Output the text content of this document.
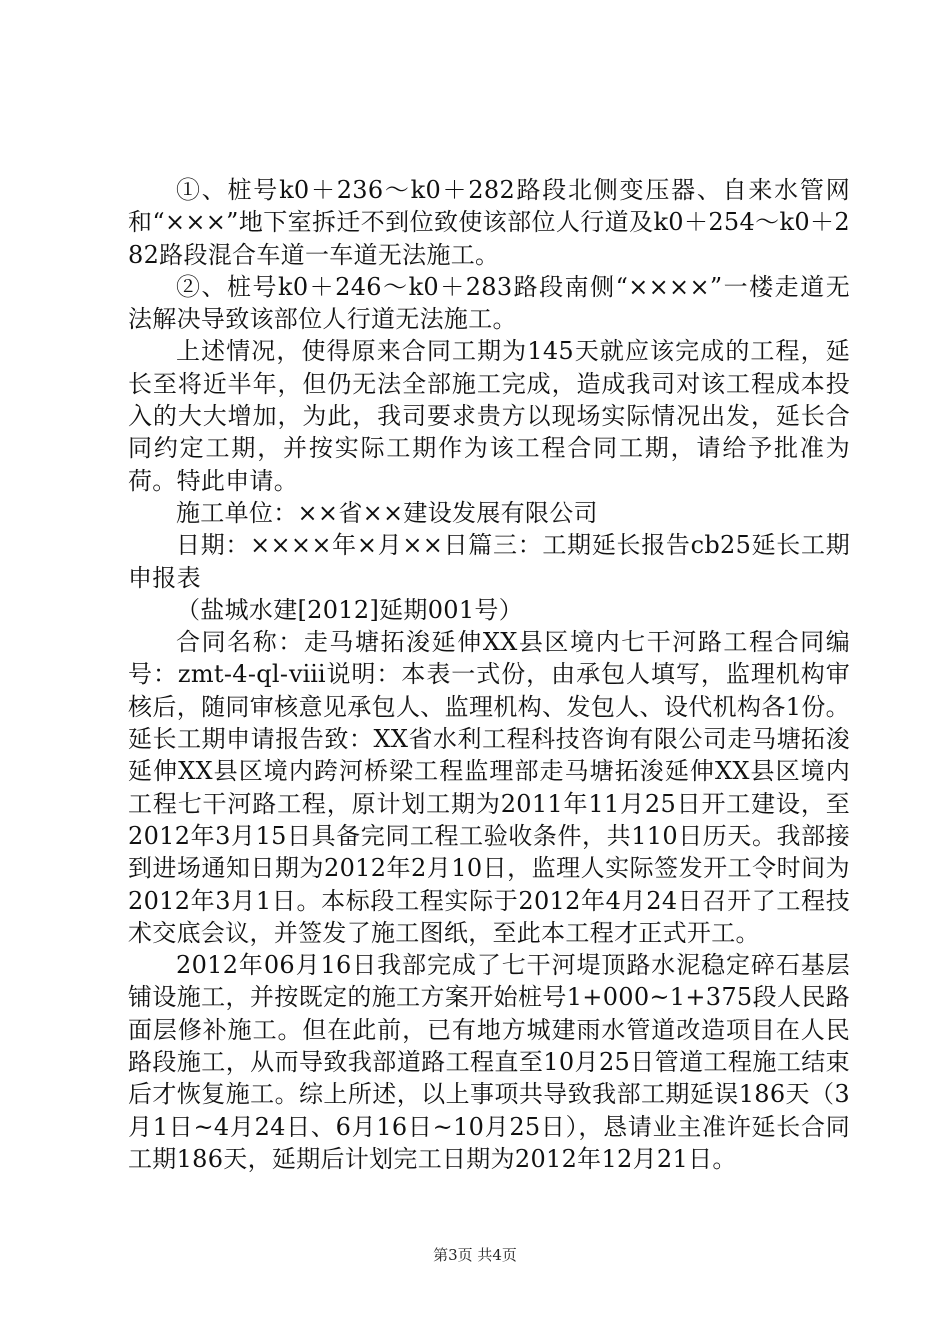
①、桩号k0＋236～k0＋282路段北侧变压器、自来水管网和“×××”地下室拆迁不到位致使该部位人行道及k0＋254～k0＋282路段混合车道一车道无法施工。

②、桩号k0＋246～k0＋283路段南侧“××××”一楼走道无法解决导致该部位人行道无法施工。

上述情况，使得原来合同工期为145天就应该完成的工程，延长至将近半年，但仍无法全部施工完成，造成我司对该工程成本投入的大大增加，为此，我司要求贵方以现场实际情况出发，延长合同约定工期，并按实际工期作为该工程合同工期，请给予批准为荷。特此申请。

施工单位：××省××建设发展有限公司

日期：××××年×月××日篇三：工期延长报告cb25延长工期申报表

（盐城水建[2012]延期001号）

合同名称：走马塘拓浚延伸XX县区境内七干河路工程合同编号：zmt-4-ql-ⅷ说明：本表一式份，由承包人填写，监理机构审核后，随同审核意见承包人、监理机构、发包人、设代机构各1份。延长工期申请报告致：XX省水利工程科技咨询有限公司走马塘拓浚延伸XX县区境内跨河桥梁工程监理部走马塘拓浚延伸XX县区境内工程七干河路工程，原计划工期为2011年11月25日开工建设，至2012年3月15日具备完同工程工验收条件，共110日历天。我部接到进场通知日期为2012年2月10日，监理人实际签发开工令时间为2012年3月1日。本标段工程实际于2012年4月24日召开了工程技术交底会议，并签发了施工图纸，至此本工程才正式开工。

2012年06月16日我部完成了七干河堤顶路水泥稳定碎石基层铺设施工，并按既定的施工方案开始桩号1+000~1+375段人民路面层修补施工。但在此前，已有地方城建雨水管道改造项目在人民路段施工，从而导致我部道路工程直至10月25日管道工程施工结束后才恢复施工。综上所述，以上事项共导致我部工期延误186天（3月1日~4月24日、6月16日~10月25日），恳请业主准许延长合同工期186天，延期后计划完工日期为2012年12月21日。

第3页 共4页
